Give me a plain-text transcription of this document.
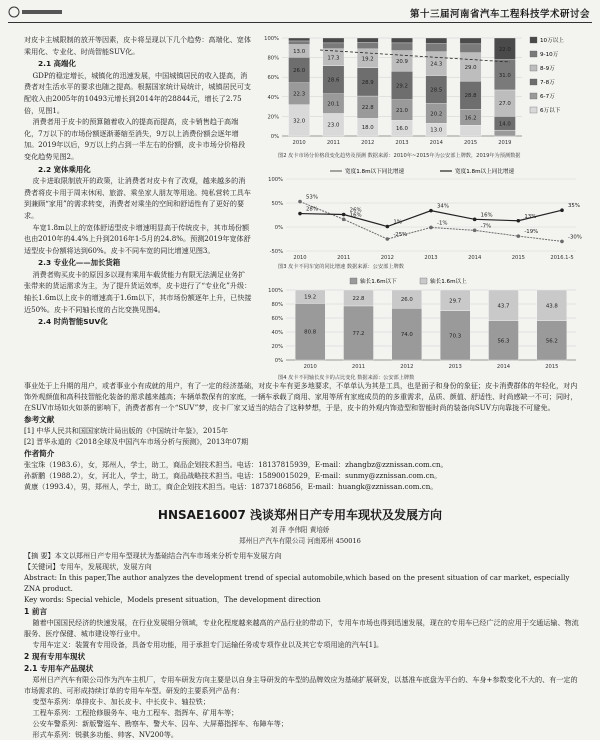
第十三届河南省汽车工程科技学术研讨会

对皮卡主城限制的放开等因素，皮卡将呈现以下几个趋势：高端化、宽体乘用化、专业化、时尚智能SUV化。

2.1 高端化

GDP的稳定增长，城镇化的迅速发展，中国城镇居民的收入提高，消费者对生活水平的要求也随之提高。根据国家统计局统计，城镇居民可支配收入由2005年的10493元增长到2014年的28844元，增长了2.75倍，见图1。

消费者用于皮卡的预算随着收入的提高而提高，皮卡销售趋于高端化，7万以下的市场份额逐渐萎缩至消失，9万以上消费份额会逐年增加。2019年以后，9万以上约占到一半左右的份额，皮卡市场分价格段变化趋势见图2。

2.2 宽体乘用化

皮卡进取限制放开的政策，让消费者对皮卡有了改观，越来越多的消费者将皮卡用于周末休闲、旅游、乘坐家人朋友等用途。纯私营转工具车到兼顾“家用”的需求转变，消费者对乘坐的空间和舒适性有了更好的要求。

车宽1.8m以上的宽体舒适型皮卡增速明显高于传统皮卡，其市场份额也由2010年的4.4%上升到2016年1-5月的24.8%。预测2019年宽体舒适型皮卡份额将达到60%。皮卡不同车宽的同比增速见图3。

2.3 专业化——加长货箱

消费者购买皮卡的原因多以现有乘用车载货能力有限无法满足业务扩张带来的货运需求为主，为了提升货运效率，皮卡进行了“专业化”升级：轴长1.6m以上皮卡的增速高于1.6m以下，其市场份额逐年上升，已快接近50%。皮卡不同轴长度的占比变换见图4。

2.4 时尚智能SUV化
0%
20%
40%
60%
80%
100%
32.0
22.3
26.0
13.0
2010
23.0
20.1
28.6
17.3
2011
18.0
22.8
28.9
19.2
2012
16.0
21.0
29.2
20.9
2013
13.0
20.2
28.5
24.3
2014
16.2
28.8
29.0
2015
14.0
27.0
31.0
22.0
2019
10万以上
9-10万
8-9万
7-8万
6-7万
6万以下
图2 皮卡市场分价格段变化趋势及预测 数据来源：2010年~2015年为公安部上牌数，2019年为预测数据
-50%
0%
50%
100%
2010	2011	2012	2013	2014	2015	2016.1-5
53%
16%
-25%
-1%	-7%
-19%
-30%
28%	26%
1%
34%
16%	13%
35%
宽度1.8m以下同比增速	宽度1.8m以上同比增速
图3 皮卡不同车宽的同比增速 数据来源：公安部上牌数
0%
20%
40%
60%
80%
100%
80.8
19.2
2010
77.2
22.8
2011
74.0
26.0
2012
70.3
29.7
2013
56.3
43.7
2014
56.2
43.8
2015
轴长1.6m以下	轴长1.6m以上
图4 皮卡不同轴长皮卡的占比变化 数据来源：公安部上牌数

事业处于上升期的用户，或者事业小有成就的用户，有了一定的经济基础，对皮卡车有更多地要求，不单单认为其是工具，也是面子和身份的象征；皮卡消费群体的年轻化，对内饰外观颜值和高科技智能化装备的需求越来越高；车辆单数保有的家庭，一辆车承载了商用、家用等所有家庭成员的的多重需求，品质、颜值、舒适性、时尚感缺一不可；同时，在SUV市场如火如荼的影响下，消费者都有一个“SUV”梦，皮卡厂家又适当的结合了这种梦想，于是，皮卡的外观内饰造型和智能时尚的装备向SUV方向靠拢不可避免。

参考文献

[1] 中华人民共和国国家统计局出版的《中国统计年鉴》，2015年

[2] 晋华永道的《2018全球及中国汽车市场分析与预测》，2013年07期

作者简介

张宝珠（1983.6），女，郑州人，学士，助工，商品企划技术担当。电话：18137815939，E-mail：zhangbz@zznissan.com.cn。

孙新鹏（1988.2），女，河北人，学士，助工，商品战略技术担当。电话：15890015029，E-mail：sunmy@zznissan.com.cn。

黄康（1993.4），男，郑州人，学士，助工，商企企划技术担当。电话：18737186856，E-mail：huangk@zznissan.com.cn。

HNSAE16007 浅谈郑州日产专用车现状及发展方向
刘 萍 李伟阳 黄培娇
郑州日产汽车有限公司 河南郑州 450016

【摘 要】本文以郑州日产专用车型现状为基础结合汽车市场来分析专用车发展方向

【关键词】专用车，发展现状，发展方向

Abstract: In this paper,The author analyzes the development trend of special automobile,which based on the present situation of car market, especially ZNA product.

Key words: Special vehicle，Models present situation，The development direction

1 前言

随着中国国民经济的快速发展，在行业发展细分领域，专业化程度越来越高的产品行业的带动下，专用车市场也得到迅速发展，现在的专用车已经广泛的应用于交通运输、物流服务、医疗保健、城市建设等行业中。

专用车定义：装置有专用设备，具备专用功能，用于承担专门运输任务或专项作业以及其它专项用途的汽车[1]。

2 现有专用车现状
2.1 专用车产品现状

郑州日产汽车有限公司作为汽车主机厂，专用车研发方向主要是以自身主导研发的车型的品牌效应为基础扩展研发，以基准车底盘为平台的、车身+参数变化不大的、有一定的市场需求的、可形成持续订单的专用车车型。研发的主要系列产品有：

变型车系列：单排皮卡、加长皮卡、中长皮卡、轴拉铁；

工程车系列：工程抢修服务车、电力工程车、指挥车、矿用车等；

公安车警系列：新版警巡车、勘察车、警犬车、囚车、大屏幕指挥车、布障车等；

形式车系列：锐骐多功能、帅客、NV200等。
